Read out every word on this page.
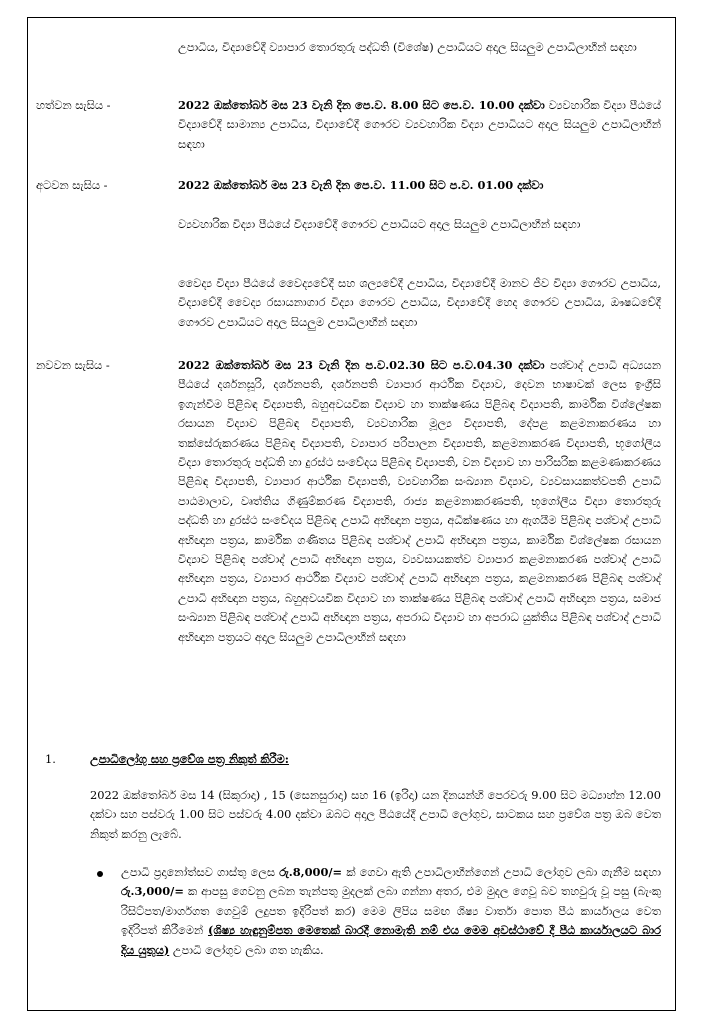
උපාධිය, විද්‍යාවේදී ව්‍යාපාර තොරතුරු පද්ධති (විශේෂ) උපාධියට අදාල සියලුම උපාධිලාභීන් සඳහා
හත්වන සැසිය -	2022 ඔක්තෝබර් මස 23 වැනි දින පෙ.ව. 8.00 සිට පෙ.ව. 10.00 දක්වා ව්‍යවහාරික විද්‍යා පීඨයේ විද්‍යාවේදී සාමාන්‍ය උපාධිය, විද්‍යාවේදී ගෞරව ව්‍යවහාරික විද්‍යා උපාධියට අදාල සියලුම උපාධිලාභීන් සඳහා
අටවන සැසිය -	2022 ඔක්තෝබර් මස 23 වැනි දින පෙ.ව. 11.00 සිට ප.ව. 01.00 දක්වා
ව්‍යවහාරික විද්‍යා පීඨයේ විද්‍යාවේදී ගෞරව උපාධියට අදාල සියලුම උපාධිලාභීන් සඳහා
වෛද්‍ය විද්‍යා පීඨයේ වෛද්‍යවේදී සහ ශල්‍යවේදී උපාධිය, විද්‍යාවේදී මානව ජීව විද්‍යා ගෞරව උපාධිය, විද්‍යාවේදී වෛද්‍ය රසායනාගාර විද්‍යා ගෞරව උපාධිය, විද්‍යාවේදී හෙද ගෞරව උපාධිය, ඖෂධවේදී ගෞරව උපාධියට අදාල සියලුම උපාධිලාභීන් සඳහා
නවවන සැසිය -	2022 ඔක්තෝබර් මස 23 වැනි දින ප.ව.02.30 සිට ප.ව.04.30 දක්වා පශ්චාද් උපාධි අධ්‍යයන පීඨයේ දර්ශනසූරි, දර්ශනපති, දර්ශනපති ව්‍යාපාර ආර්ථික විද්‍යාව, දෙවන භාෂාවක් ලෙස ඉංග්‍රීසි ඉගැන්වීම පිළිබඳ විද්‍යාපති, බහුඅවයවික විද්‍යාව හා තාක්ෂණය පිළිබඳ විද්‍යාපති, කාර්මික විශ්ලේෂක රසායන විද්‍යාව පිළිබඳ විද්‍යාපති, ව්‍යවහාරික මූල්‍ය විද්‍යාපති, දේපළ කළමනාකරණය හා තක්සේරුකරණය පිළිබඳ විද්‍යාපති, ව්‍යාපාර පරිපාලන විද්‍යාපති, කළමනාකරණ විද්‍යාපති, භූගෝලීය විද්‍යා තොරතුරු පද්ධති හා දුරස්ථ සංවේදය පිළිබඳ විද්‍යාපති, වන විද්‍යාව හා පාරිසරික කළමණාකරණය පිළිබඳ විද්‍යාපති, ව්‍යාපාර ආර්ථික විද්‍යාපති, ව්‍යවහාරික සංඛ්‍යාන විද්‍යාව, ව්‍යවසායකත්වපති උපාධි පාඨමාලාව, වෘත්තිය ගිණුම්කරණ විද්‍යාපති, රාජ්‍ය කළමනාකරණපති, භූගෝලීය විද්‍යා තොරතුරු පද්ධති හා දුරස්ථ සංවේදය පිළිබඳ උපාධි අභිඥාන පත්‍රය, අධීක්ෂණය හා ඇගයීම පිළිබඳ පශ්චාද් උපාධි අභිඥාන පත්‍රය, කාර්මික ගණිතය පිළිබඳ පශ්චාද් උපාධි අභිඥාන පත්‍රය, කාර්මික විශ්ලේෂක රසායන විද්‍යාව පිළිබඳ පශ්චාද් උපාධි අභිඥාන පත්‍රය, ව්‍යවසායකත්ව ව්‍යාපාර කළමනාකරණ පශ්චාද් උපාධි අභිඥාන පත්‍රය, ව්‍යාපාර ආර්ථික විද්‍යාව පශ්චාද් උපාධි අභිඥාන පත්‍රය, කළමනාකරණ පිළිබඳ පශ්චාද් උපාධි අභිඥාන පත්‍රය, බහුඅවයවික විද්‍යාව හා තාක්ෂණය පිළිබඳ පශ්චාද් උපාධි අභිඥාන පත්‍රය, සමාජ සංඛ්‍යාන පිළිබඳ පශ්චාද් උපාධි අභිඥාන පත්‍රය, අපරාධ විද්‍යාව හා අපරාධ යුක්තිය පිළිබඳ පශ්චාද් උපාධි අභිඥාන පත්‍රයට අදාල සියලුම උපාධිලාභීන් සඳහා
1.	උපාධිලෝගු සහ ප්‍රවේශ පත්‍ර නිකුත් කිරීම:
2022 ඔක්තෝබර් මස 14 (සිකුරාදා) , 15 (සෙනසුරාදා) සහ 16 (ඉරිදා) යන දිනයන්හි පෙරවරු 9.00 සිට මධ්‍යාහ්න 12.00 දක්වා සහ පස්වරු 1.00 සිට පස්වරු 4.00 දක්වා ඔබට අදාල පීඨයේදී උපාධි ලෝගුව, සාටකය සහ ප්‍රවේශ පත්‍ර ඔබ වෙත නිකුත් කරනු ලැබේ.
උපාධි ප්‍රදානෝත්සව ගාස්තු ලෙස රු.8,000/= ක් ගෙවා ඇති උපාධිලාභීන්ගෙන් උපාධි ලෝගුව ලබා ගැනීම සඳහා රු.3,000/= ක ආපසු ගෙවනු ලබන තැන්පතු මුදලක් ලබා ගන්නා අතර, එම මුදල ගෙවූ බව තහවුරු වූ පසු (බැංකු රිසිට්පත/මාර්ගගත ගෙවුම් ලදුපත ඉදිරිපත් කර) මෙම ලිපිය සමඟ ශිෂ්‍ය වාර්තා පොත පීඨ කාර්යාලය වෙත ඉදිරිපත් කිරීමෙන් (ශිෂ්‍ය හැඳුනුම්පත මෙතෙක් බාරදී නොමැති නම් එය මෙම අවස්ථාවේ දී පීඨ කාර්යාලයට බාර දිය යුතුය) උපාධි ලෝගුව ලබා ගත හැකිය.
